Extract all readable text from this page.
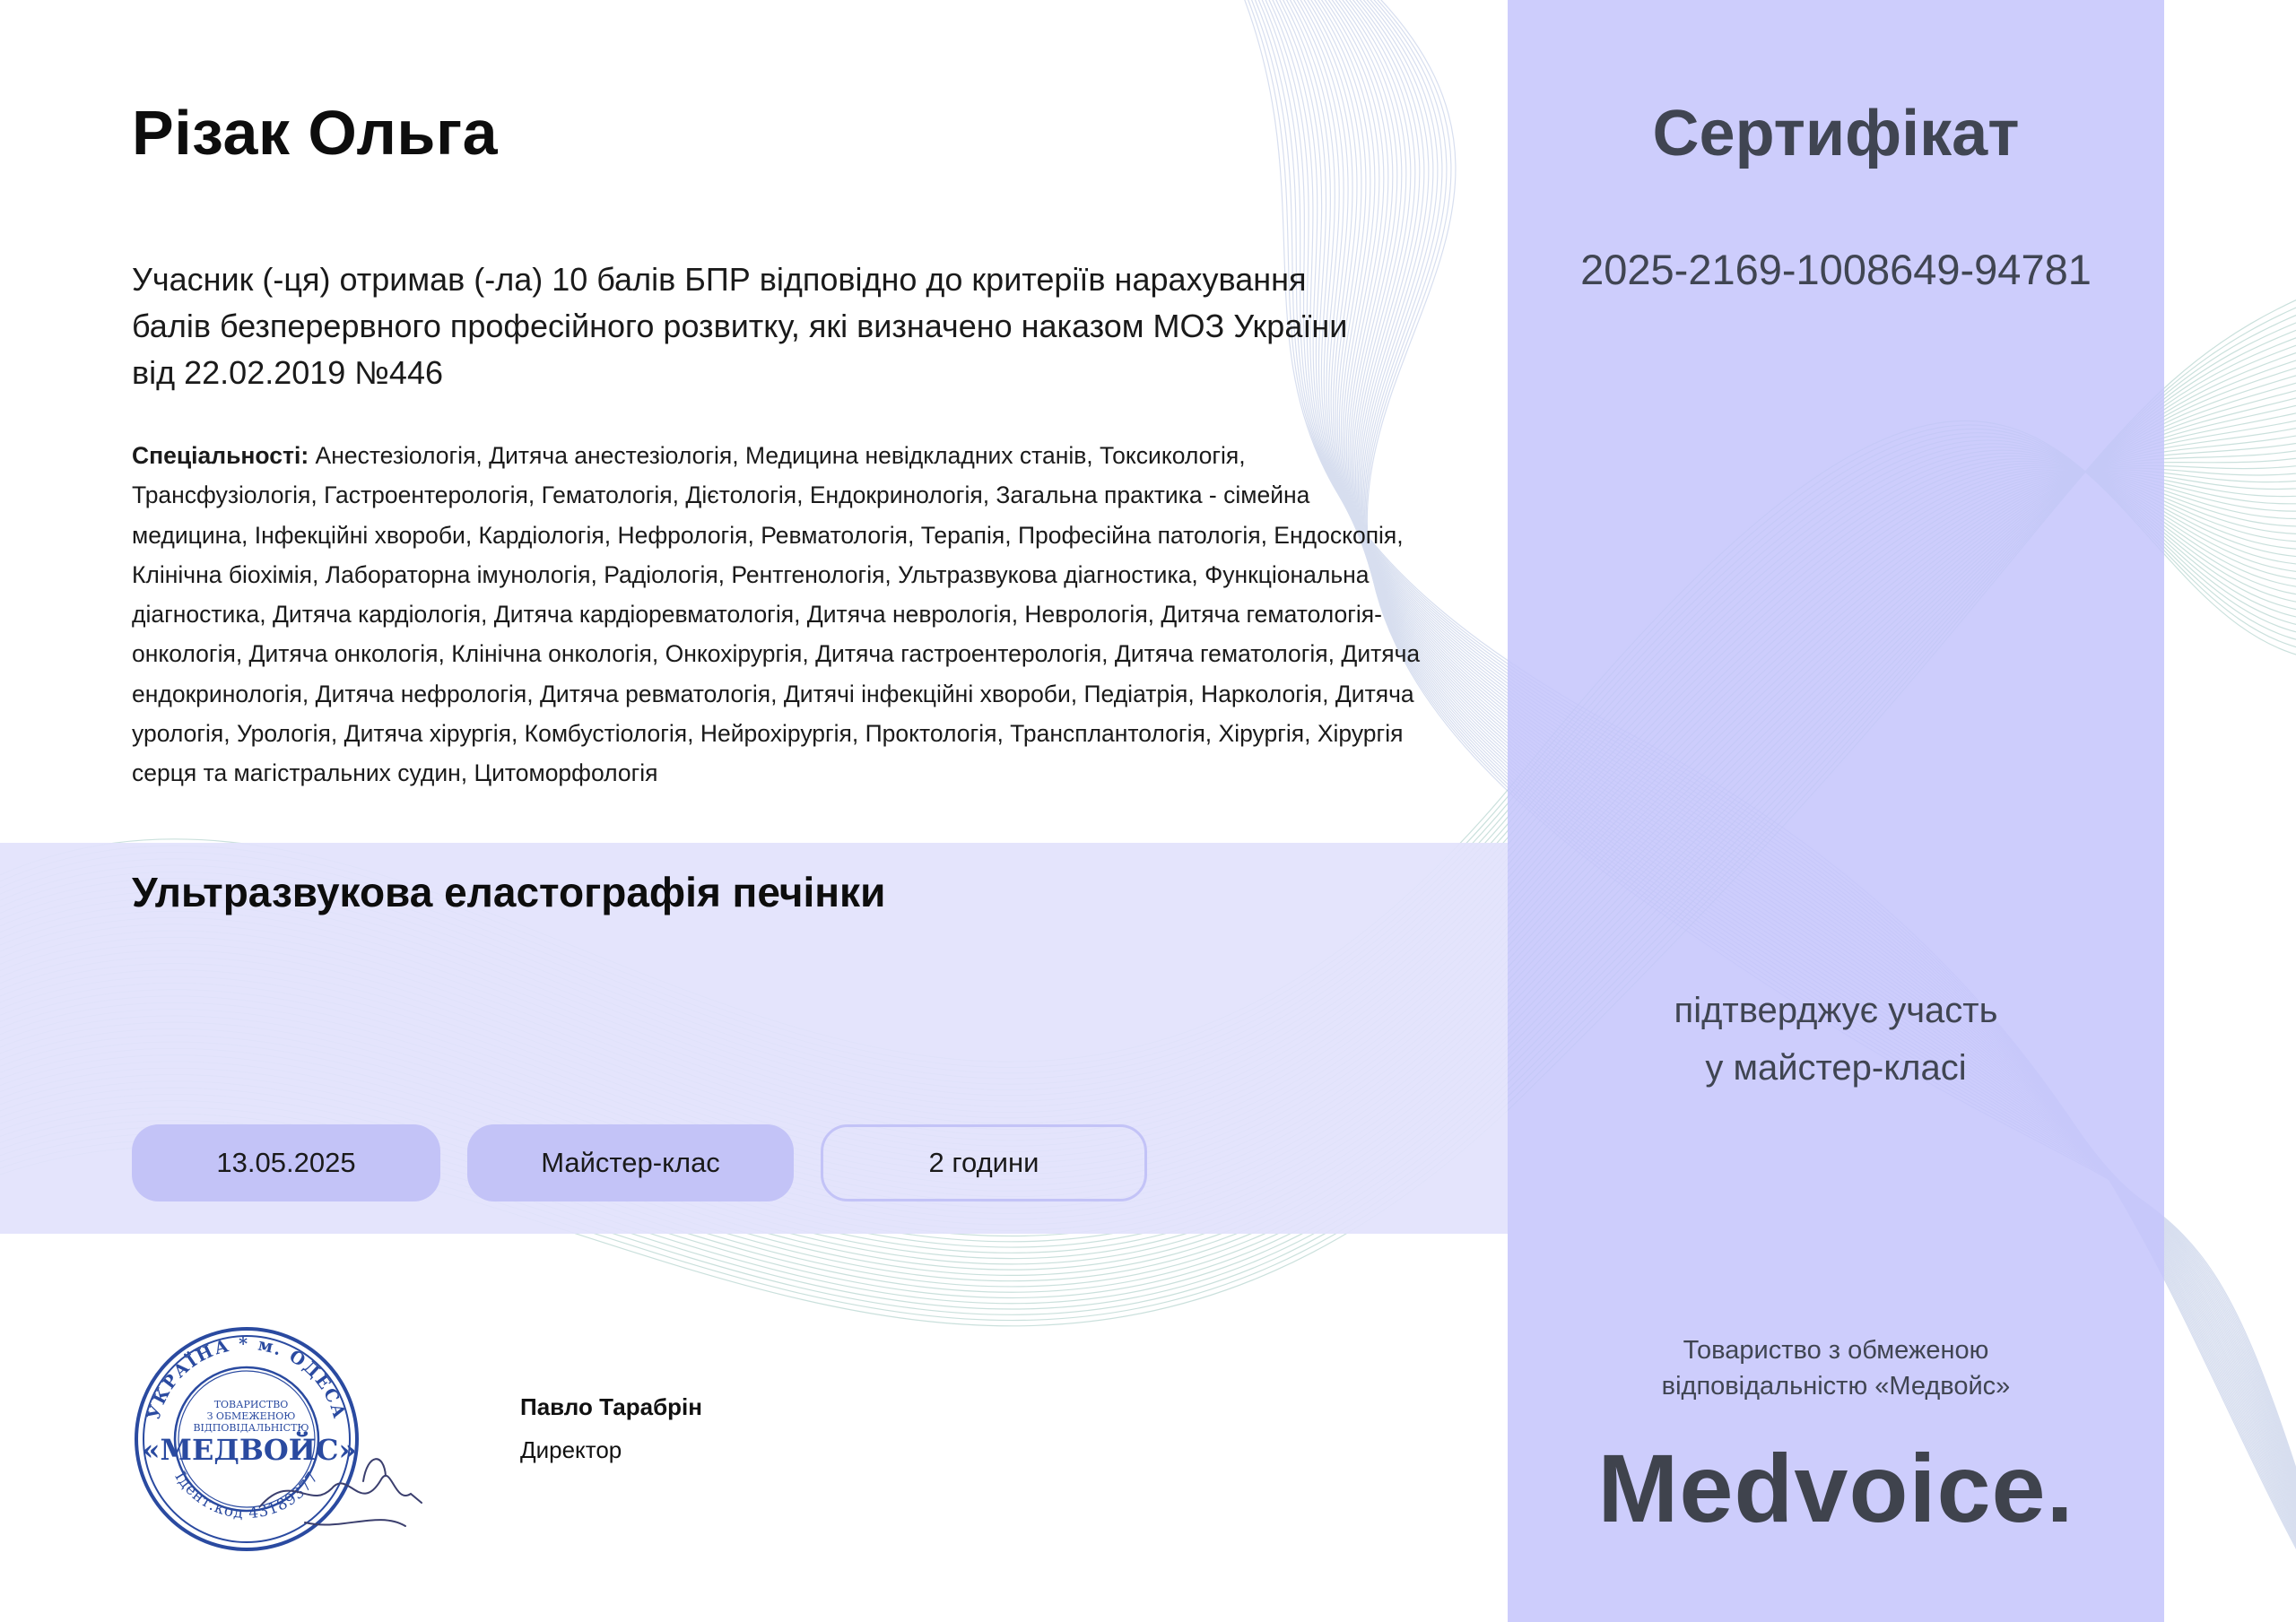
Різак Ольга
Учасник (-ця) отримав (-ла) 10 балів БПР відповідно до критеріїв нарахування
балів безперервного професійного розвитку, які визначено наказом МОЗ України
від 22.02.2019 №446

Спеціальності: Анестезіологія, Дитяча анестезіологія, Медицина невідкладних станів, Токсикологія, Трансфузіологія, Гастроентерологія, Гематологія, Дієтологія, Ендокринологія, Загальна практика - сімейна медицина, Інфекційні хвороби, Кардіологія, Нефрологія, Ревматологія, Терапія, Професійна патологія, Ендоскопія, Клінічна біохімія, Лабораторна імунологія, Радіологія, Рентгенологія, Ультразвукова діагностика, Функціональна діагностика, Дитяча кардіологія, Дитяча кардіоревматологія, Дитяча неврологія, Неврологія, Дитяча гематологія-онкологія, Дитяча онкологія, Клінічна онкологія, Онкохірургія, Дитяча гастроентерологія, Дитяча гематологія, Дитяча ендокринологія, Дитяча нефрологія, Дитяча ревматологія, Дитячі інфекційні хвороби, Педіатрія, Наркологія, Дитяча урологія, Урологія, Дитяча хірургія, Комбустіологія, Нейрохірургія, Проктологія, Трансплантологія, Хірургія, Хірургія серця та магістральних судин, Цитоморфологія

Ультразвукова еластографія печінки
13.05.2025	Майстер-клас	2 години
УКРАЇНА * м. ОДЕСА
Ідент.код 43189377
ТОВАРИСТВО
З ОБМЕЖЕНОЮ
ВІДПОВІДАЛЬНІСТЮ
«МЕДВОЙС»
Павло Тарабрін
Директор
Сертифікат
2025-2169-1008649-94781
підтверджує участь
у майстер-класі
Товариство з обмеженою
відповідальністю «Медвойс»
Medvoice.
